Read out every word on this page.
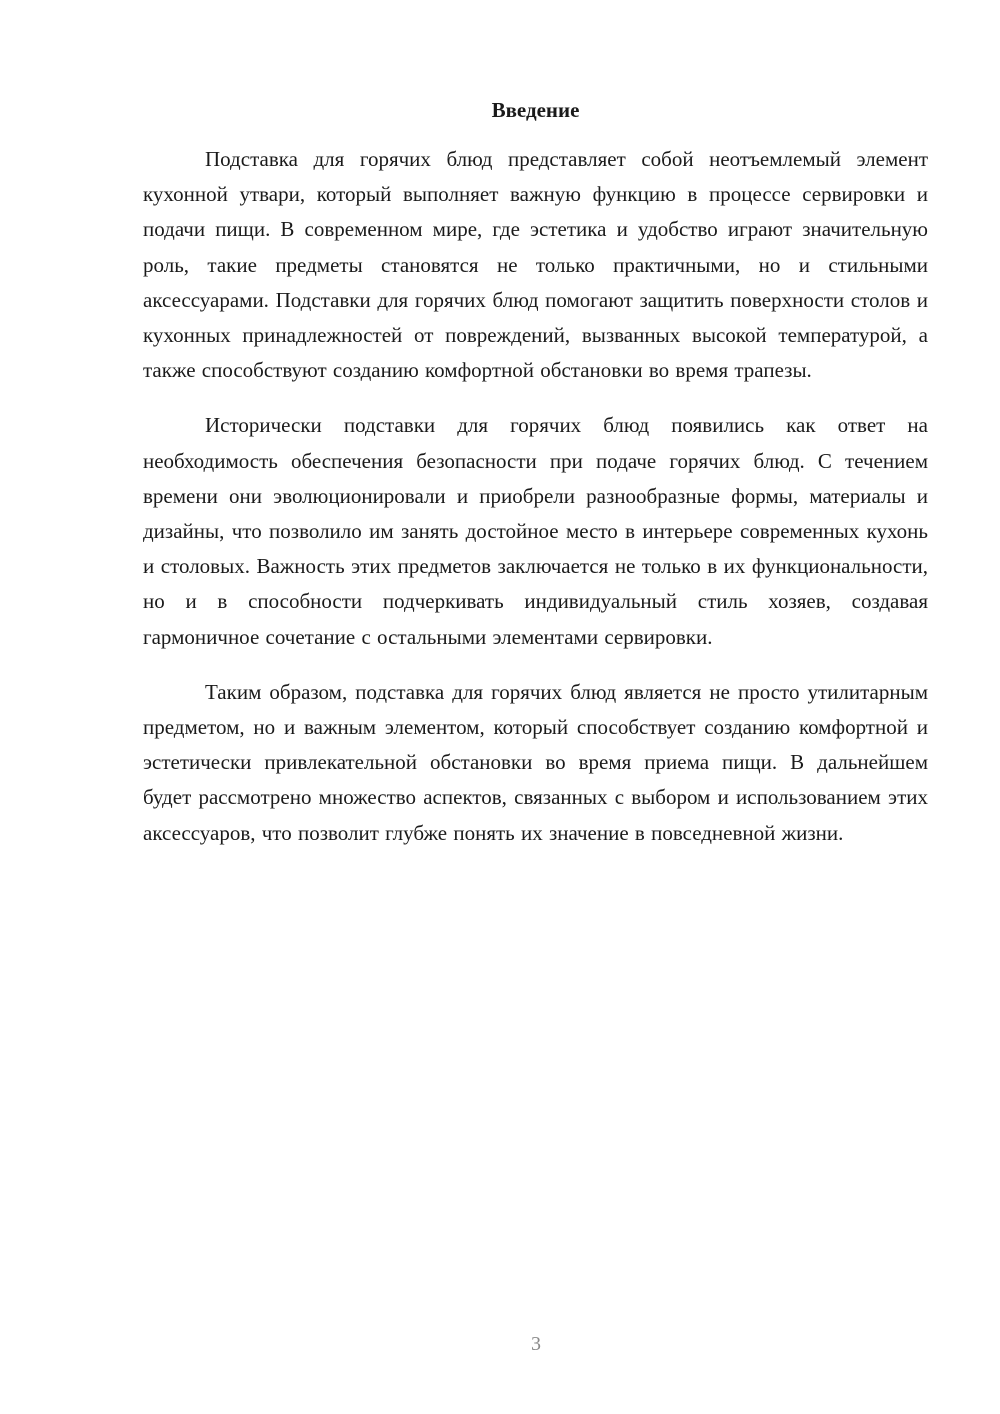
Введение

Подставка для горячих блюд представляет собой неотъемлемый элемент кухонной утвари, который выполняет важную функцию в процессе сервировки и подачи пищи. В современном мире, где эстетика и удобство играют значительную роль, такие предметы становятся не только практичными, но и стильными аксессуарами. Подставки для горячих блюд помогают защитить поверхности столов и кухонных принадлежностей от повреждений, вызванных высокой температурой, а также способствуют созданию комфортной обстановки во время трапезы.

Исторически подставки для горячих блюд появились как ответ на необходимость обеспечения безопасности при подаче горячих блюд. С течением времени они эволюционировали и приобрели разнообразные формы, материалы и дизайны, что позволило им занять достойное место в интерьере современных кухонь и столовых. Важность этих предметов заключается не только в их функциональности, но и в способности подчеркивать индивидуальный стиль хозяев, создавая гармоничное сочетание с остальными элементами сервировки.

Таким образом, подставка для горячих блюд является не просто утилитарным предметом, но и важным элементом, который способствует созданию комфортной и эстетически привлекательной обстановки во время приема пищи. В дальнейшем будет рассмотрено множество аспектов, связанных с выбором и использованием этих аксессуаров, что позволит глубже понять их значение в повседневной жизни.

3
